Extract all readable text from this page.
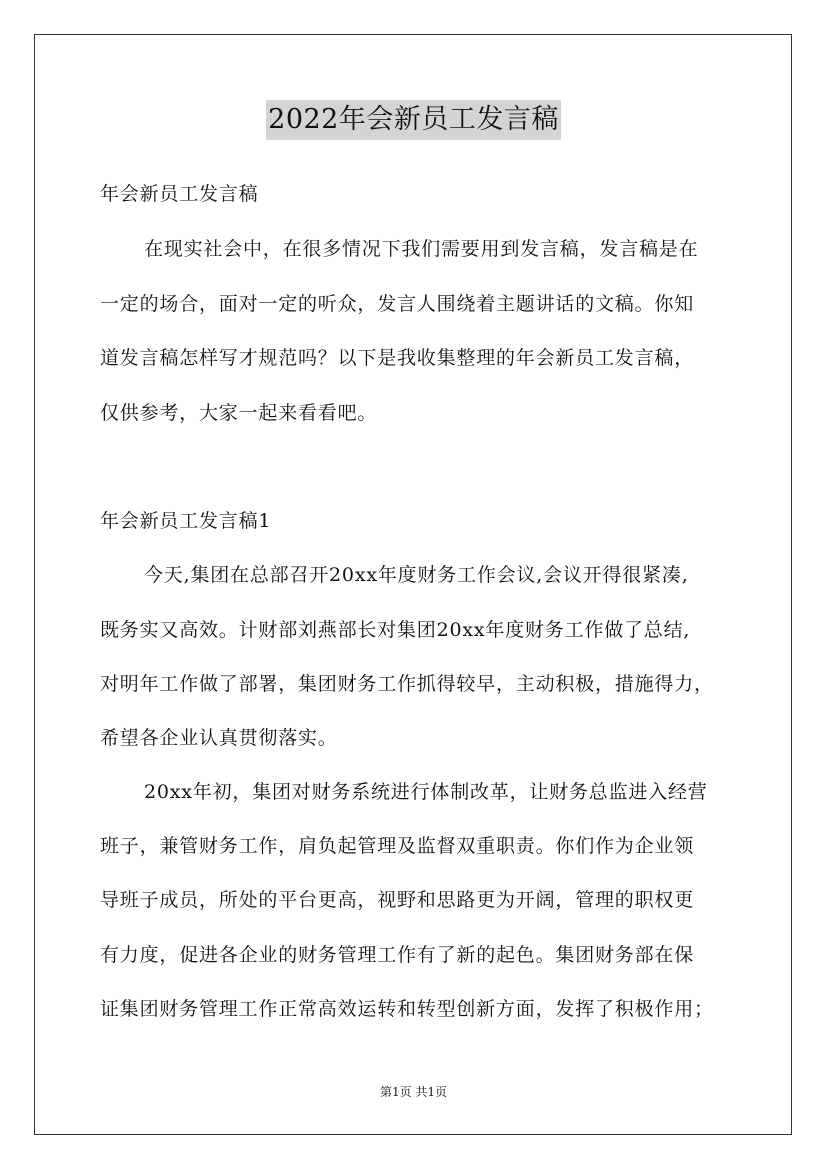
2022年会新员工发言稿
年会新员工发言稿
在现实社会中，在很多情况下我们需要用到发言稿，发言稿是在
一定的场合，面对一定的听众，发言人围绕着主题讲话的文稿。你知
道发言稿怎样写才规范吗？以下是我收集整理的年会新员工发言稿，
仅供参考，大家一起来看看吧。
年会新员工发言稿1
今天,集团在总部召开20xx年度财务工作会议,会议开得很紧凑,
既务实又高效。计财部刘燕部长对集团20xx年度财务工作做了总结,
对明年工作做了部署，集团财务工作抓得较早，主动积极，措施得力，
希望各企业认真贯彻落实。
20xx年初，集团对财务系统进行体制改革，让财务总监进入经营
班子，兼管财务工作，肩负起管理及监督双重职责。你们作为企业领
导班子成员，所处的平台更高，视野和思路更为开阔，管理的职权更
有力度，促进各企业的财务管理工作有了新的起色。集团财务部在保
证集团财务管理工作正常高效运转和转型创新方面，发挥了积极作用；
第1页 共1页
